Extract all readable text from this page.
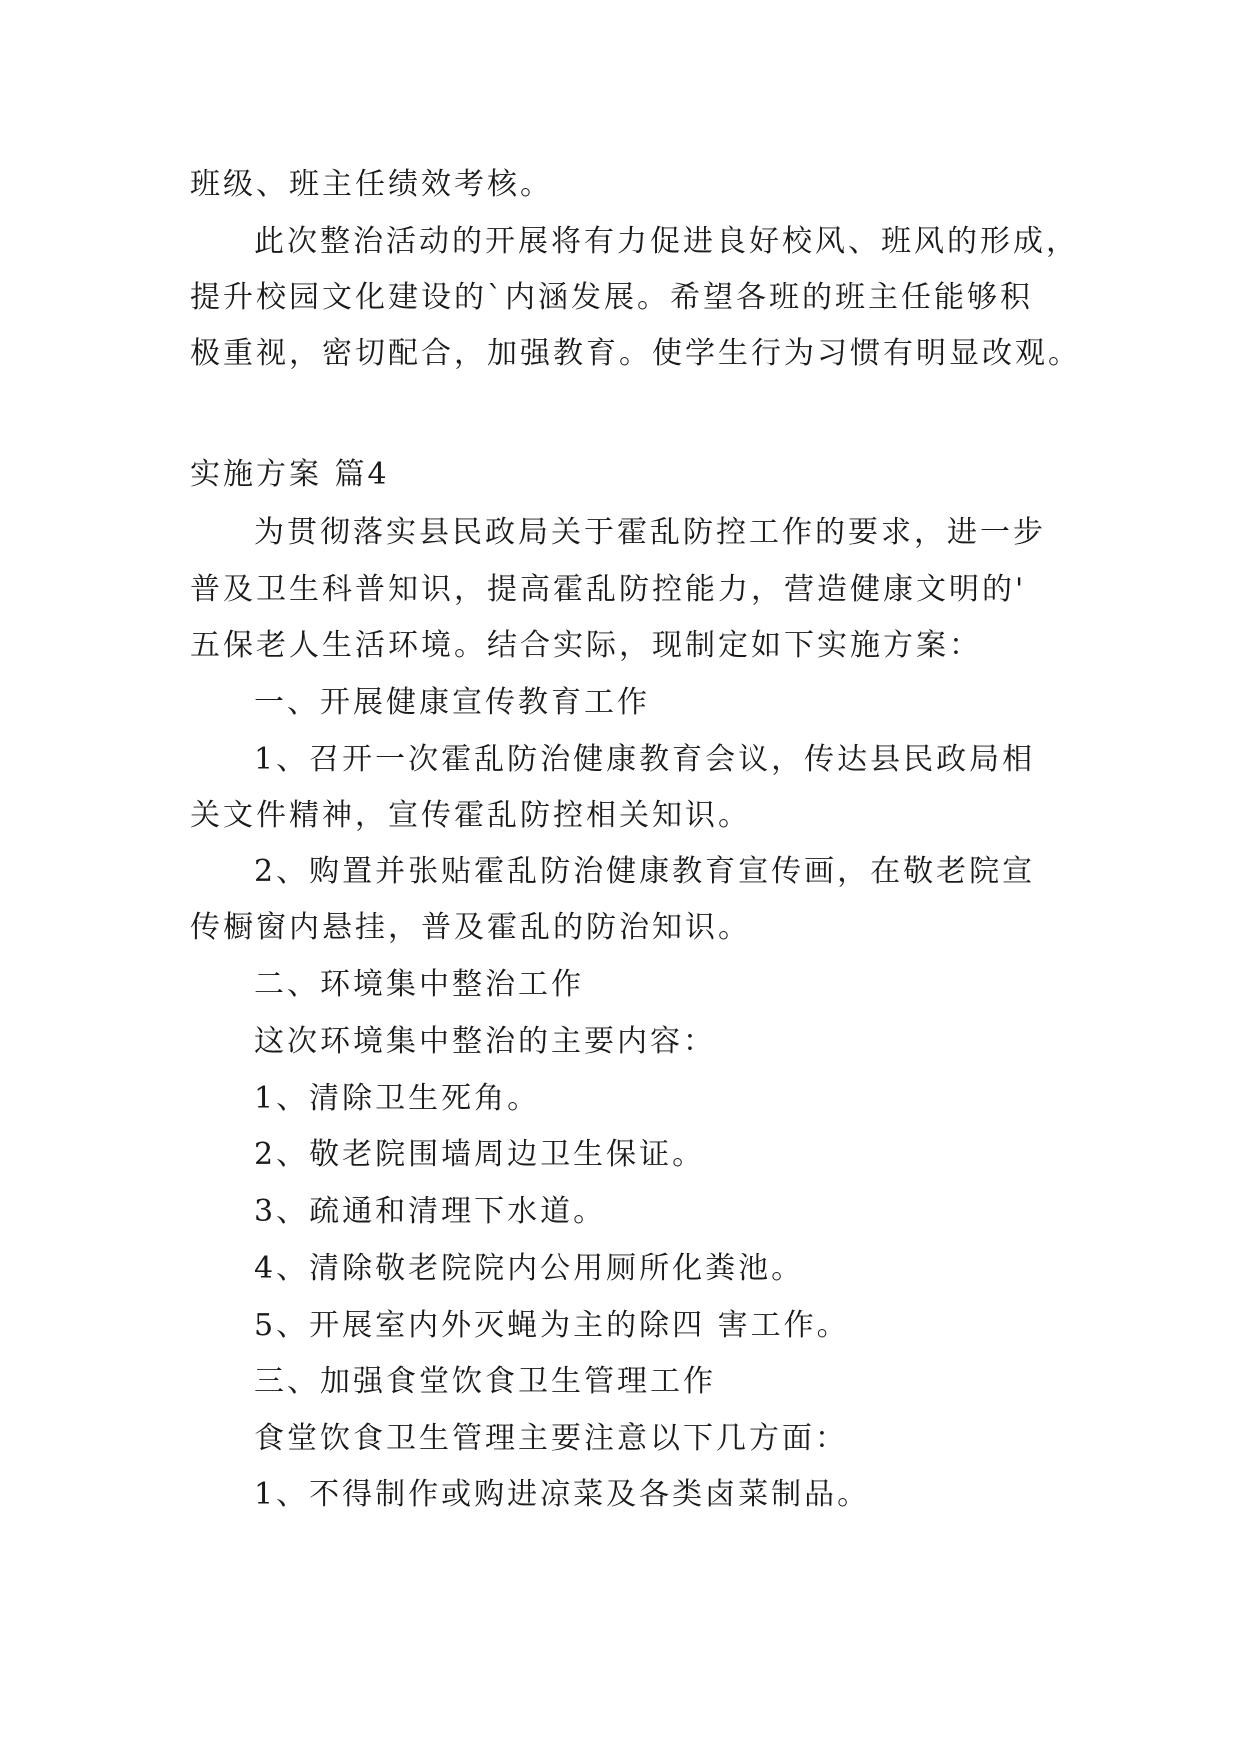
班级、班主任绩效考核。
此次整治活动的开展将有力促进良好校风、班风的形成，
提升校园文化建设的`内涵发展。希望各班的班主任能够积
极重视，密切配合，加强教育。使学生行为习惯有明显改观。
实施方案 篇4
为贯彻落实县民政局关于霍乱防控工作的要求，进一步
普及卫生科普知识，提高霍乱防控能力，营造健康文明的'
五保老人生活环境。结合实际，现制定如下实施方案：
一、开展健康宣传教育工作
1、召开一次霍乱防治健康教育会议，传达县民政局相
关文件精神，宣传霍乱防控相关知识。
2、购置并张贴霍乱防治健康教育宣传画，在敬老院宣
传橱窗内悬挂，普及霍乱的防治知识。
二、环境集中整治工作
这次环境集中整治的主要内容：
1、清除卫生死角。
2、敬老院围墙周边卫生保证。
3、疏通和清理下水道。
4、清除敬老院院内公用厕所化粪池。
5、开展室内外灭蝇为主的除四 害工作。
三、加强食堂饮食卫生管理工作
食堂饮食卫生管理主要注意以下几方面：
1、不得制作或购进凉菜及各类卤菜制品。
